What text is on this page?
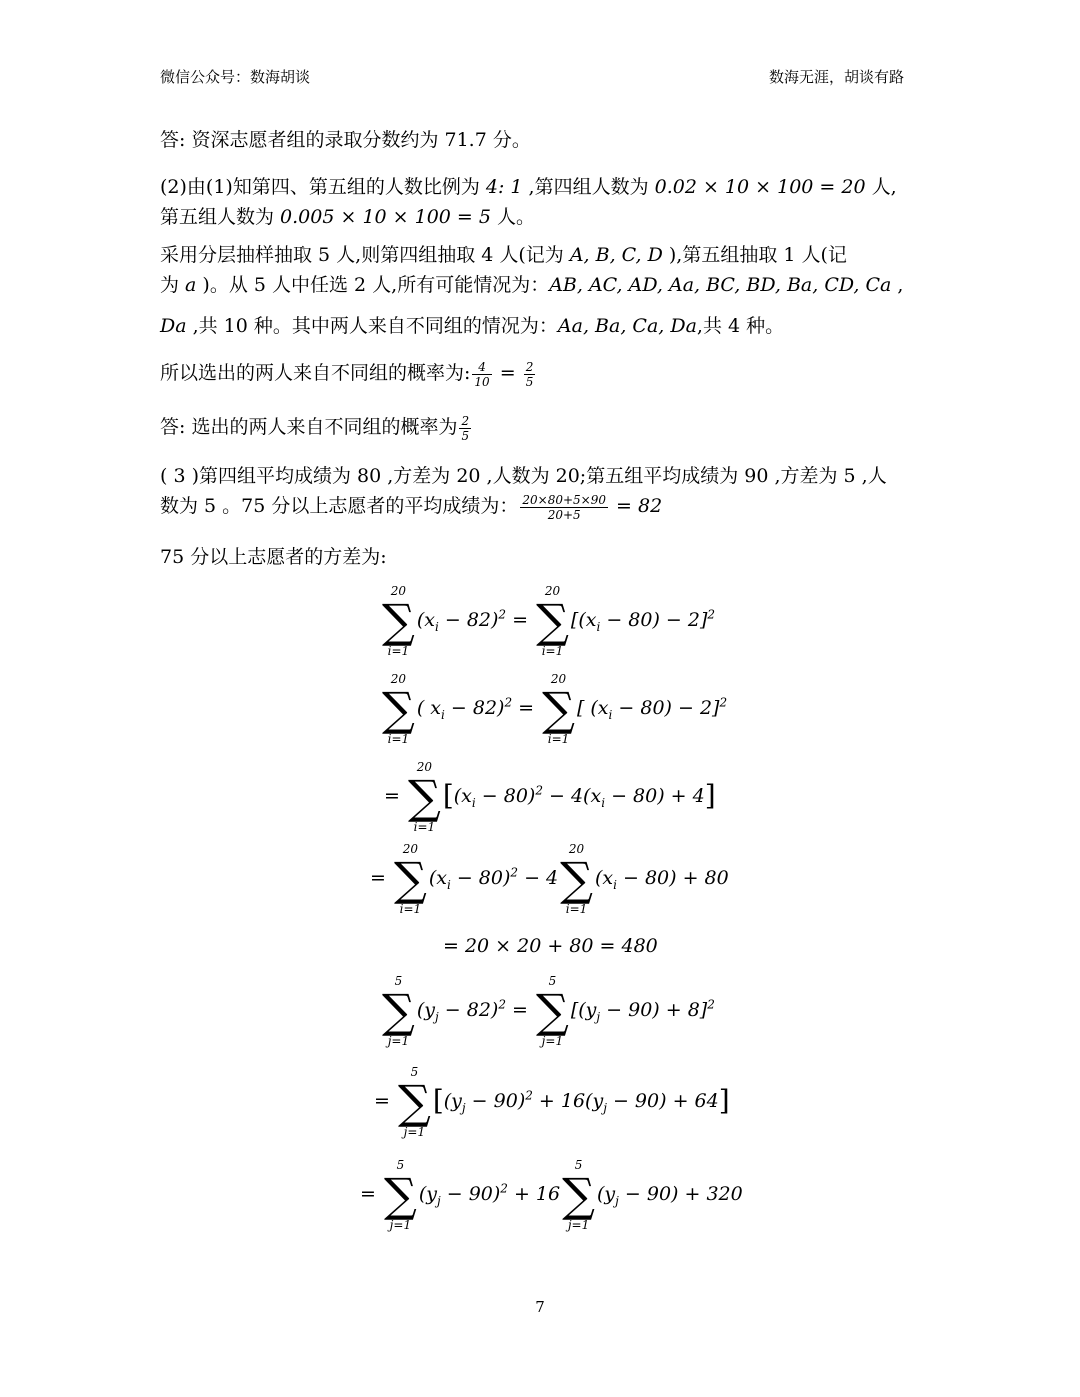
微信公众号：数海胡谈	数海无涯，胡谈有路
答: 资深志愿者组的录取分数约为 71.7 分。
(2)由(1)知第四、第五组的人数比例为 4: 1 ,第四组人数为 0.02 × 10 × 100 = 20 人,
第五组人数为 0.005 × 10 × 100 = 5 人。
采用分层抽样抽取 5 人,则第四组抽取 4 人(记为 A, B, C, D ),第五组抽取 1 人(记
为 a )。从 5 人中任选 2 人,所有可能情况为：AB, AC, AD, Aa, BC, BD, Ba, CD, Ca ,
Da ,共 10 种。其中两人来自不同组的情况为：Aa, Ba, Ca, Da,共 4 种。
所以选出的两人来自不同组的概率为: $\frac{4}{10} = \frac{2}{5}$
答: 选出的两人来自不同组的概率为 $\frac{2}{5}$
( 3 )第四组平均成绩为 80 ,方差为 20 ,人数为 20;第五组平均成绩为 90 ,方差为 5 ,人
数为 5 。75 分以上志愿者的平均成绩为： $\frac{20\times 80+5\times 90}{20+5} = 82$
75 分以上志愿者的方差为:
20
∑
i=1
$(x_i - 82)^2$ =
20
∑
i=1
$[(x_i - 80) - 2]^2$
20
∑
i=1
( $x_i - 82)^2$ =
20
∑
i=1
[ $(x_i - 80) - 2]^2$
=
20
∑
i=1
$[(x_i - 80)^2 - 4(x_i - 80) + 4]$
=
20
∑
i=1
$(x_i - 80)^2 - 4$
20
∑
i=1
$(x_i - 80) + 80$
= 20 × 20 + 80 = 480
5
∑
j=1
$(y_j - 82)^2$ =
5
∑
j=1
$[(y_j - 90) + 8]^2$
=
5
∑
j=1
$[(y_j - 90)^2 + 16(y_j - 90) + 64]$
=
5
∑
j=1
$(y_j - 90)^2 + 16$
5
∑
j=1
$(y_j - 90) + 320$
7
